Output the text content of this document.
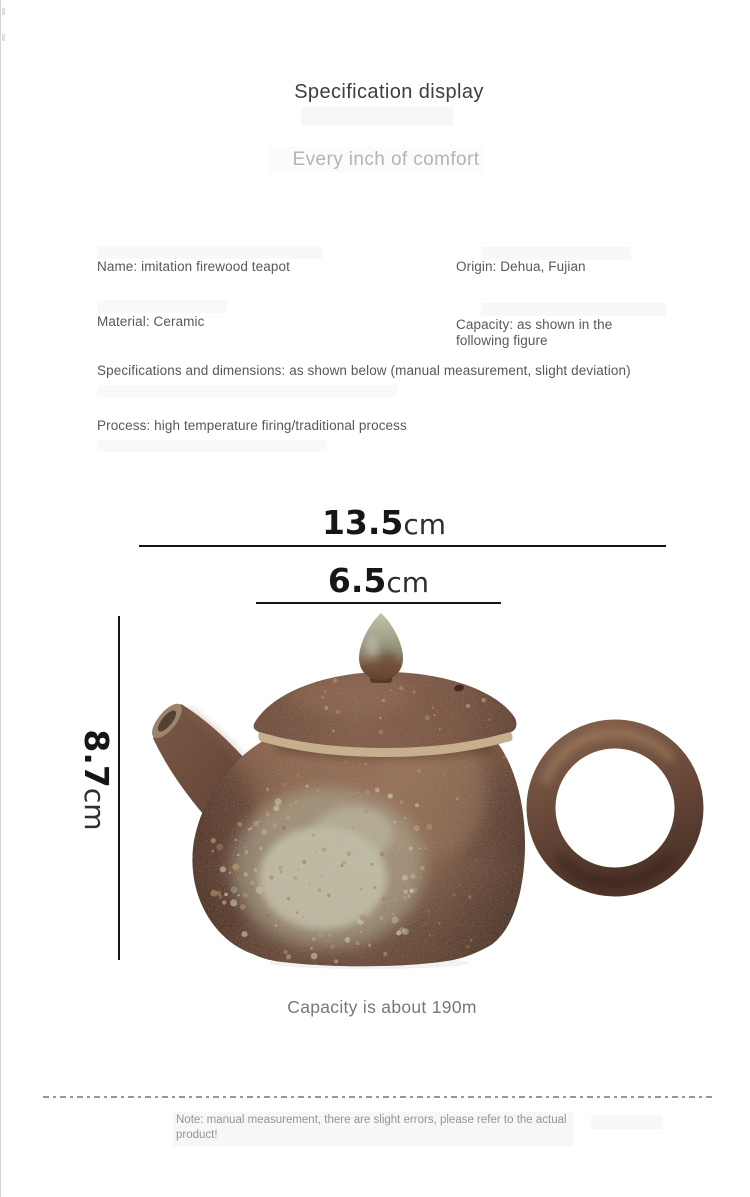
Specification display
Every inch of comfort
Name: imitation firewood teapot	Origin: Dehua, Fujian
Material: Ceramic	Capacity: as shown in the following figure
Specifications and dimensions: as shown below (manual measurement, slight deviation)
Process: high temperature firing/traditional process
13.5cm
6.5cm
8.7cm
Capacity is about 190m
Note: manual measurement, there are slight errors, please refer to the actual product!
